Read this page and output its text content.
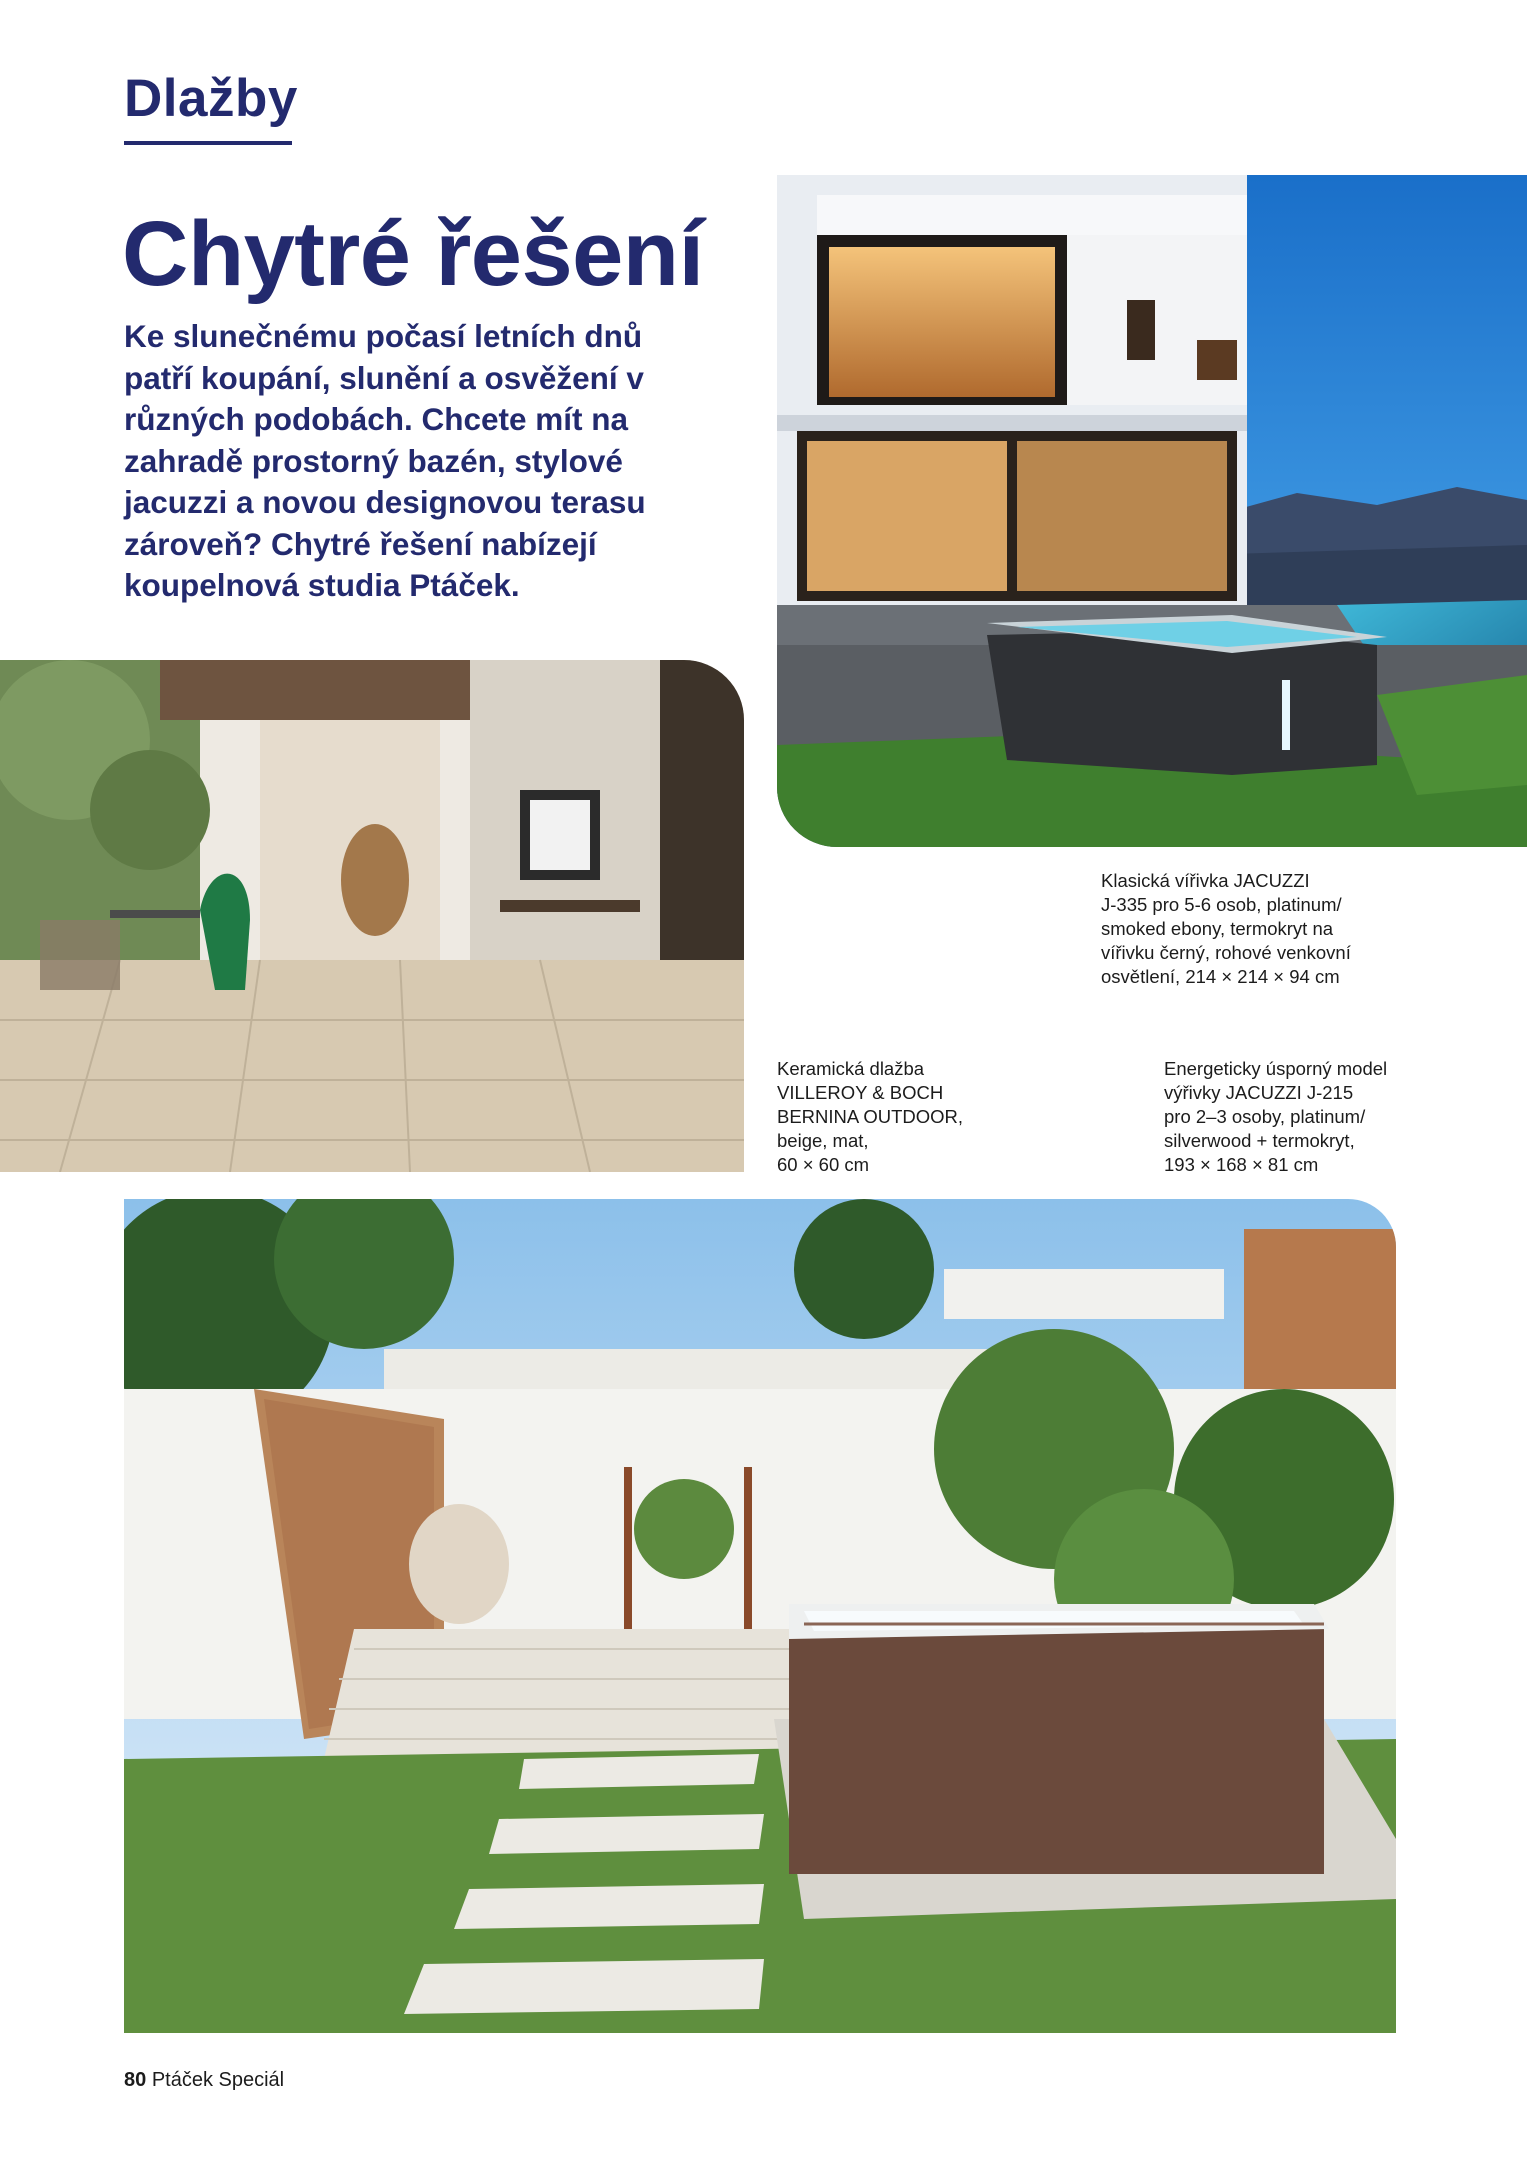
Dlažby
Chytré řešení

Ke slunečnému počasí letních dnů patří koupání, slunění a osvěžení v různých podobách. Chcete mít na zahradě prostorný bazén, stylové jacuzzi a novou designovou terasu zároveň? Chytré řešení nabízejí koupelnová studia Ptáček.

Klasická vířivka JACUZZI
J-335 pro 5-6 osob, platinum/
smoked ebony, termokryt na
vířivku černý, rohové venkovní
osvětlení, 214 × 214 × 94 cm

Keramická dlažba
VILLEROY & BOCH
BERNINA OUTDOOR,
beige, mat,
60 × 60 cm

Energeticky úsporný model
výřivky JACUZZI J-215
pro 2–3 osoby, platinum/
silverwood + termokryt,
193 × 168 × 81 cm

80 Ptáček Speciál
